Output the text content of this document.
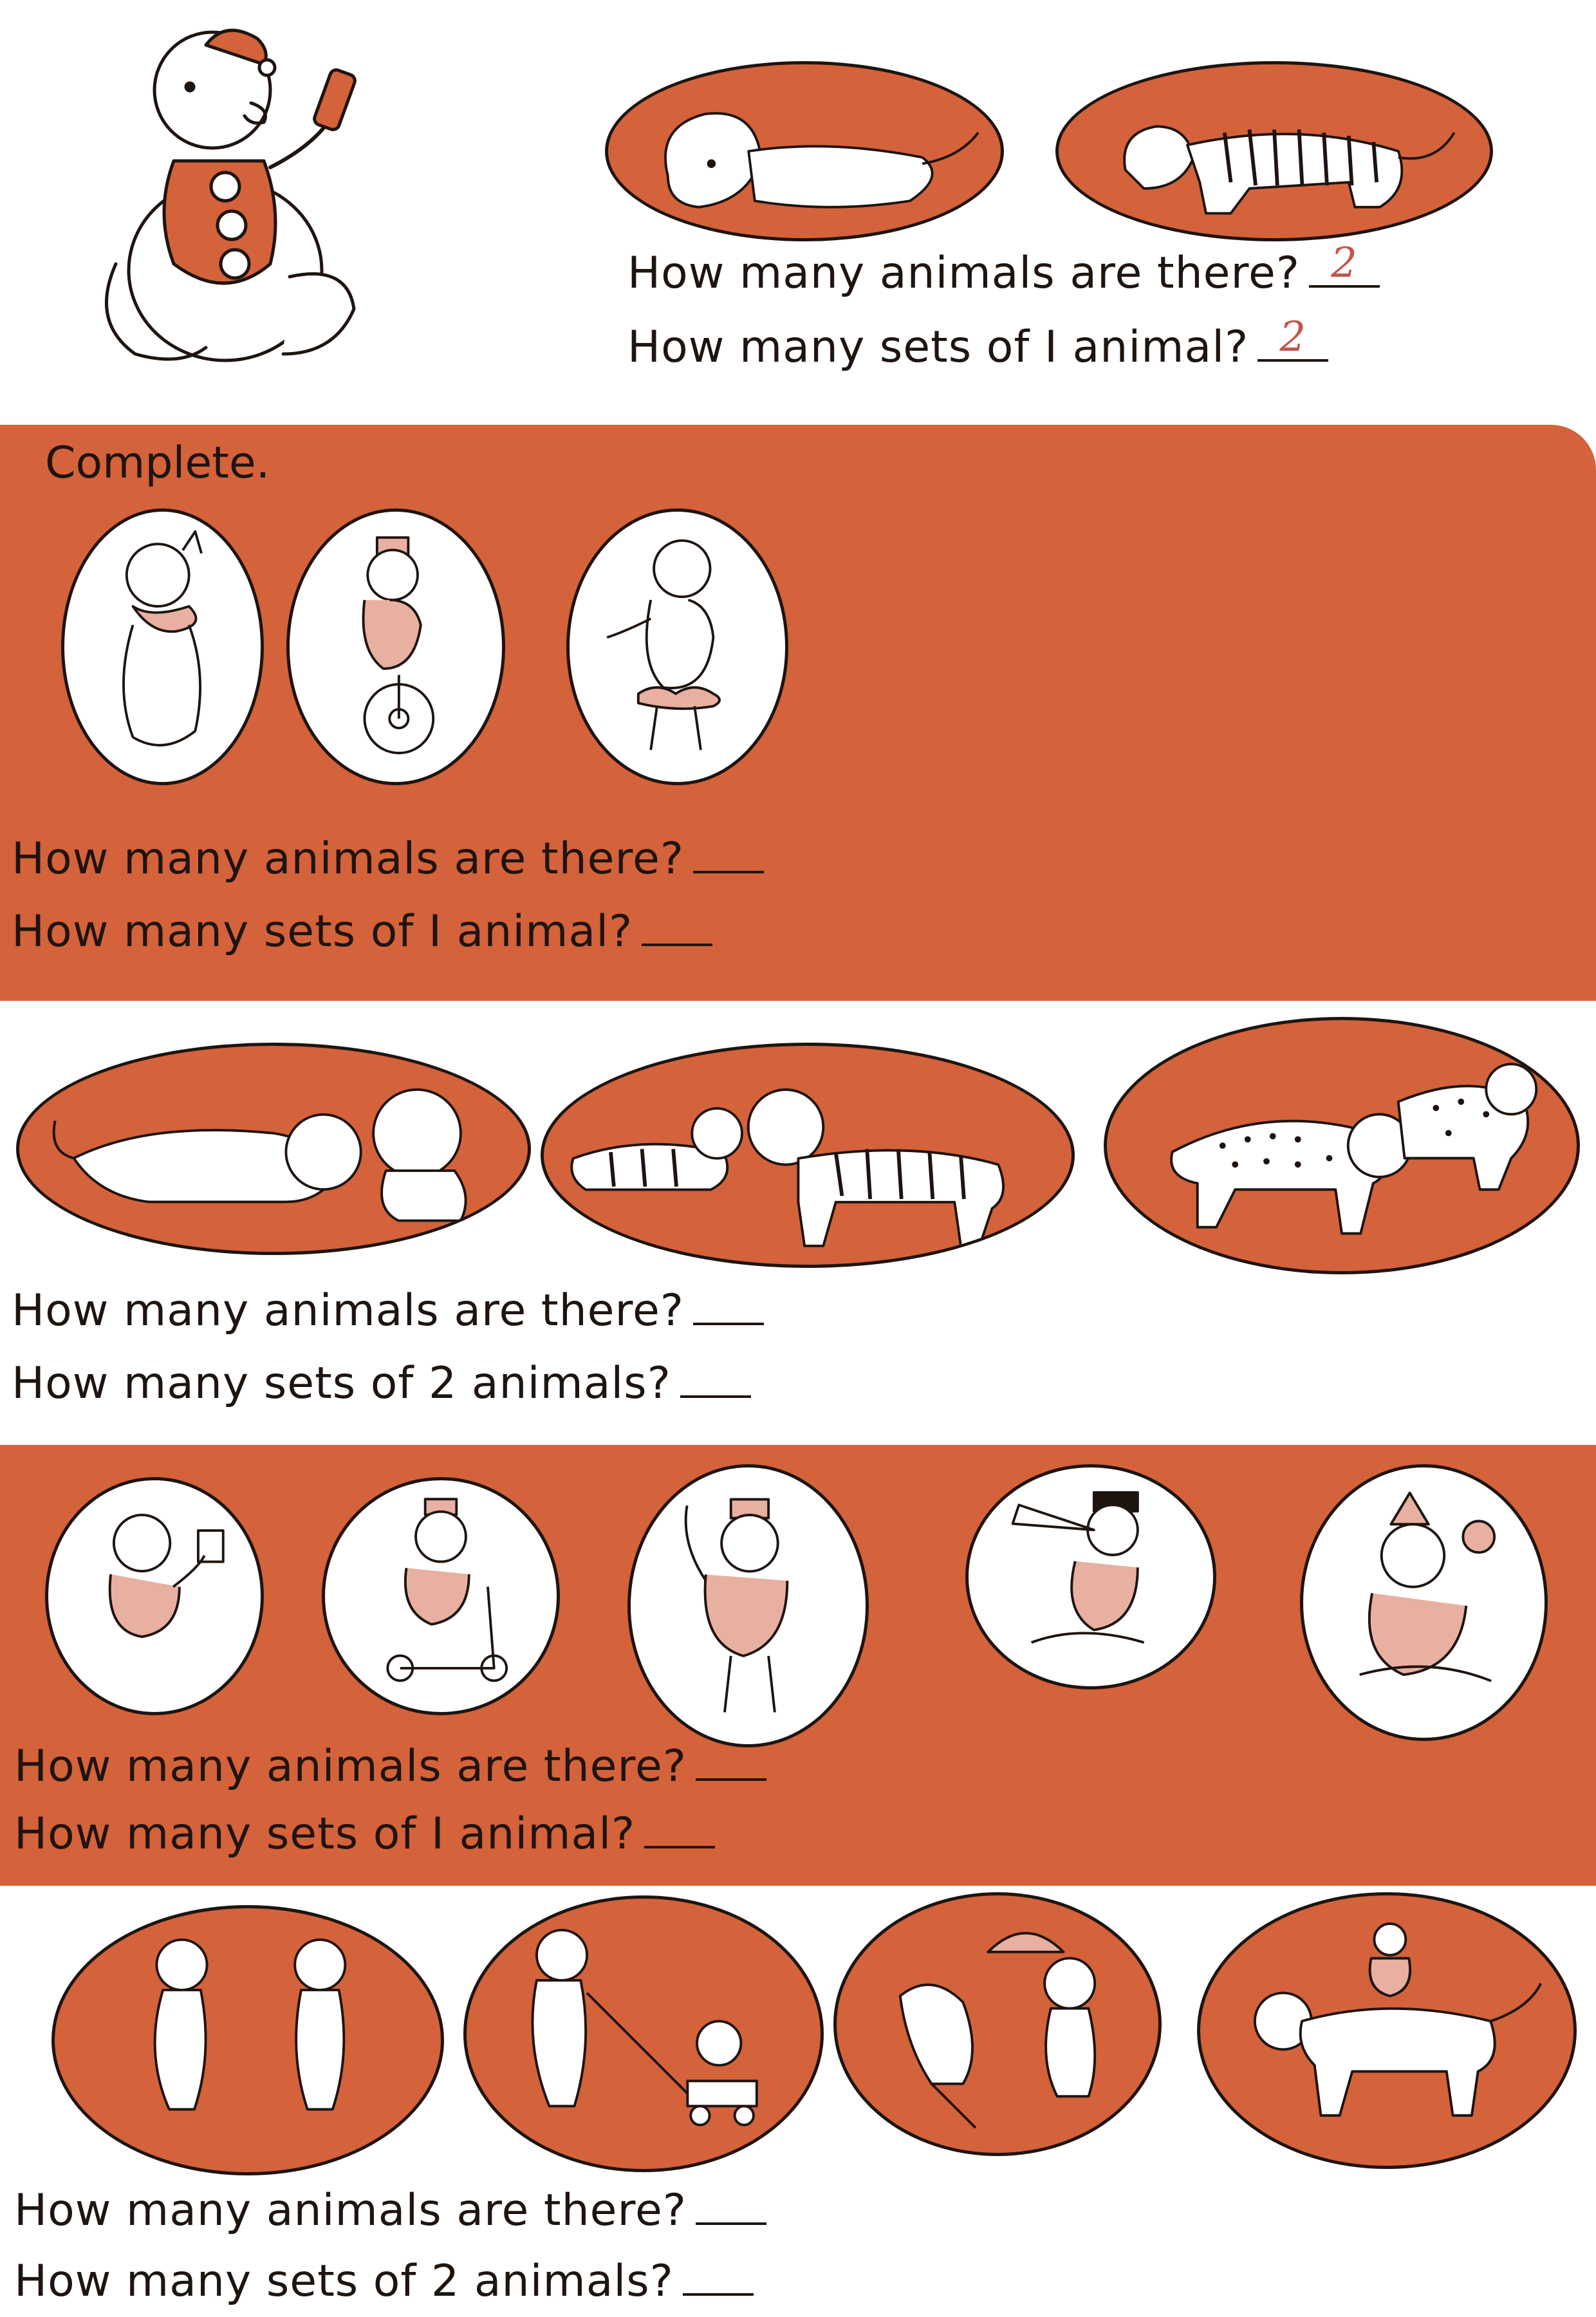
How many animals are there? 2
How many sets of I animal? 2
Complete.
How many animals are there?
How many sets of I animal?
How many animals are there?
How many sets of 2 animals?
How many animals are there?
How many sets of I animal?
How many animals are there?
How many sets of 2 animals?
